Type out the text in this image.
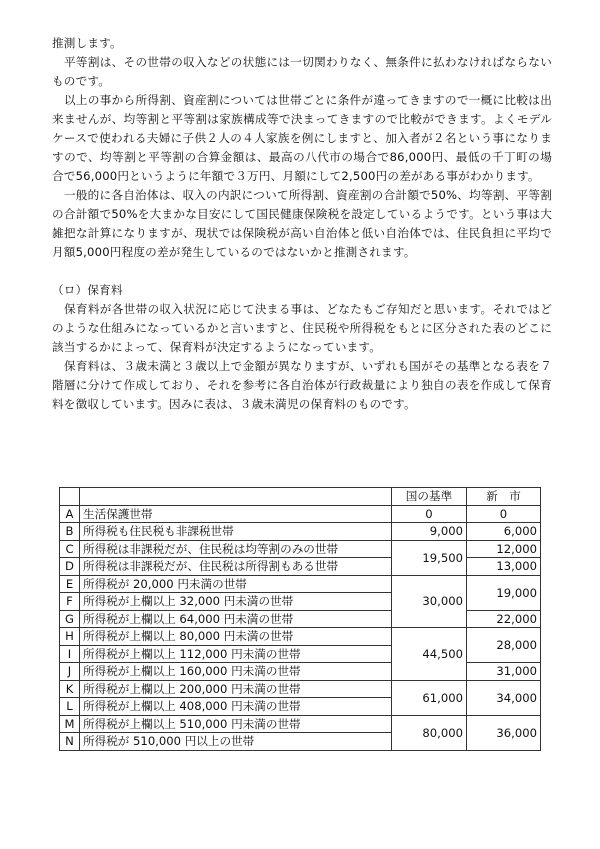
推測します。

平等割は、その世帯の収入などの状態には一切関わりなく、無条件に払わなければならないものです。

以上の事から所得割、資産割については世帯ごとに条件が違ってきますので一概に比較は出来ませんが、均等割と平等割は家族構成等で決まってきますので比較ができます。よくモデルケースで使われる夫婦に子供２人の４人家族を例にしますと、加入者が２名という事になりますので、均等割と平等割の合算金額は、最高の八代市の場合で86,000円、最低の千丁町の場合で56,000円というように年額で３万円、月額にして2,500円の差がある事がわかります。

一般的に各自治体は、収入の内訳について所得割、資産割の合計額で50%、均等割、平等割の合計額で50%を大まかな目安にして国民健康保険税を設定しているようです。という事は大雑把な計算になりますが、現状では保険税が高い自治体と低い自治体では、住民負担に平均で月額5,000円程度の差が発生しているのではないかと推測されます。

（ロ）保育料

保育料が各世帯の収入状況に応じて決まる事は、どなたもご存知だと思います。それではどのような仕組みになっているかと言いますと、住民税や所得税をもとに区分された表のどこに該当するかによって、保育料が決定するようになっています。

保育料は、３歳未満と３歳以上で金額が異なりますが、いずれも国がその基準となる表を７階層に分けて作成しており、それを参考に各自治体が行政裁量により独自の表を作成して保育料を徴収しています。因みに表は、３歳未満児の保育料のものです。

		国の基準	新　市
A	生活保護世帯	0	0
B	所得税も住民税も非課税世帯	9,000	6,000
C	所得税は非課税だが、住民税は均等割のみの世帯	19,500	12,000
D	所得税は非課税だが、住民税は所得割もある世帯		13,000
E	所得税が 20,000 円未満の世帯	30,000	19,000
F	所得税が上欄以上 32,000 円未満の世帯		
G	所得税が上欄以上 64,000 円未満の世帯		22,000
H	所得税が上欄以上 80,000 円未満の世帯	44,500	28,000
I	所得税が上欄以上 112,000 円未満の世帯		
J	所得税が上欄以上 160,000 円未満の世帯		31,000
K	所得税が上欄以上 200,000 円未満の世帯	61,000	34,000
L	所得税が上欄以上 408,000 円未満の世帯		
M	所得税が上欄以上 510,000 円未満の世帯	80,000	36,000
N	所得税が 510,000 円以上の世帯		
